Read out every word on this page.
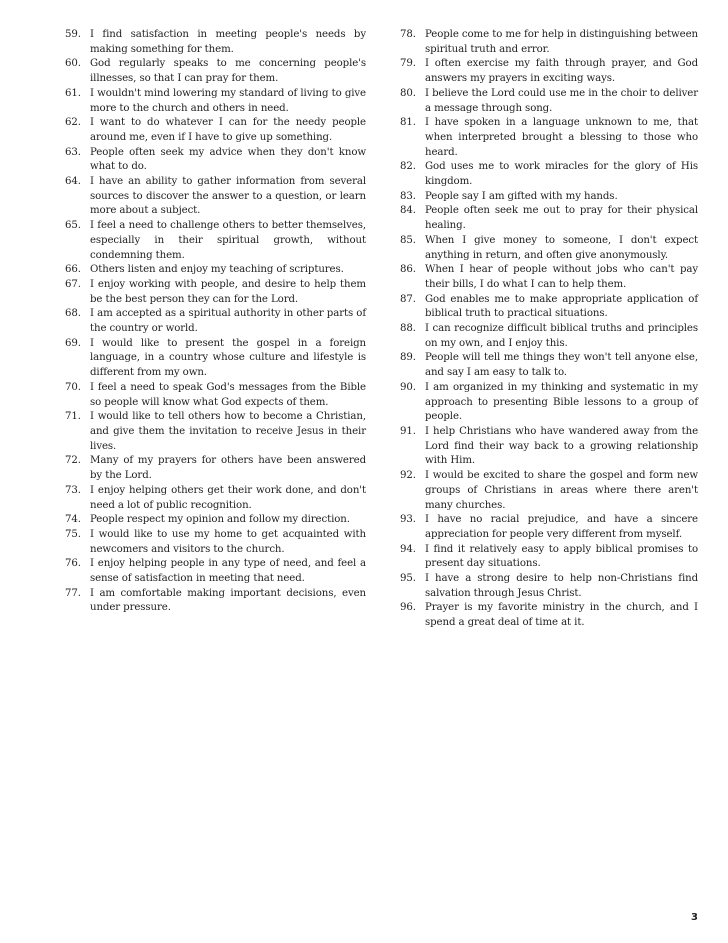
59. I find satisfaction in meeting people's needs by making something for them.
60. God regularly speaks to me concerning people's illnesses, so that I can pray for them.
61. I wouldn't mind lowering my standard of living to give more to the church and others in need.
62. I want to do whatever I can for the needy people around me, even if I have to give up something.
63. People often seek my advice when they don't know what to do.
64. I have an ability to gather information from several sources to discover the answer to a question, or learn more about a subject.
65. I feel a need to challenge others to better themselves, especially in their spiritual growth, without condemning them.
66. Others listen and enjoy my teaching of scriptures.
67. I enjoy working with people, and desire to help them be the best person they can for the Lord.
68. I am accepted as a spiritual authority in other parts of the country or world.
69. I would like to present the gospel in a foreign language, in a country whose culture and lifestyle is different from my own.
70. I feel a need to speak God's messages from the Bible so people will know what God expects of them.
71. I would like to tell others how to become a Christian, and give them the invitation to receive Jesus in their lives.
72. Many of my prayers for others have been answered by the Lord.
73. I enjoy helping others get their work done, and don't need a lot of public recognition.
74. People respect my opinion and follow my direction.
75. I would like to use my home to get acquainted with newcomers and visitors to the church.
76. I enjoy helping people in any type of need, and feel a sense of satisfaction in meeting that need.
77. I am comfortable making important decisions, even under pressure.
78. People come to me for help in distinguishing between spiritual truth and error.
79. I often exercise my faith through prayer, and God answers my prayers in exciting ways.
80. I believe the Lord could use me in the choir to deliver a message through song.
81. I have spoken in a language unknown to me, that when interpreted brought a blessing to those who heard.
82. God uses me to work miracles for the glory of His kingdom.
83. People say I am gifted with my hands.
84. People often seek me out to pray for their physical healing.
85. When I give money to someone, I don't expect anything in return, and often give anonymously.
86. When I hear of people without jobs who can't pay their bills, I do what I can to help them.
87. God enables me to make appropriate application of biblical truth to practical situations.
88. I can recognize difficult biblical truths and principles on my own, and I enjoy this.
89. People will tell me things they won't tell anyone else, and say I am easy to talk to.
90. I am organized in my thinking and systematic in my approach to presenting Bible lessons to a group of people.
91. I help Christians who have wandered away from the Lord find their way back to a growing relationship with Him.
92. I would be excited to share the gospel and form new groups of Christians in areas where there aren't many churches.
93. I have no racial prejudice, and have a sincere appreciation for people very different from myself.
94. I find it relatively easy to apply biblical promises to present day situations.
95. I have a strong desire to help non-Christians find salvation through Jesus Christ.
96. Prayer is my favorite ministry in the church, and I spend a great deal of time at it.
3
